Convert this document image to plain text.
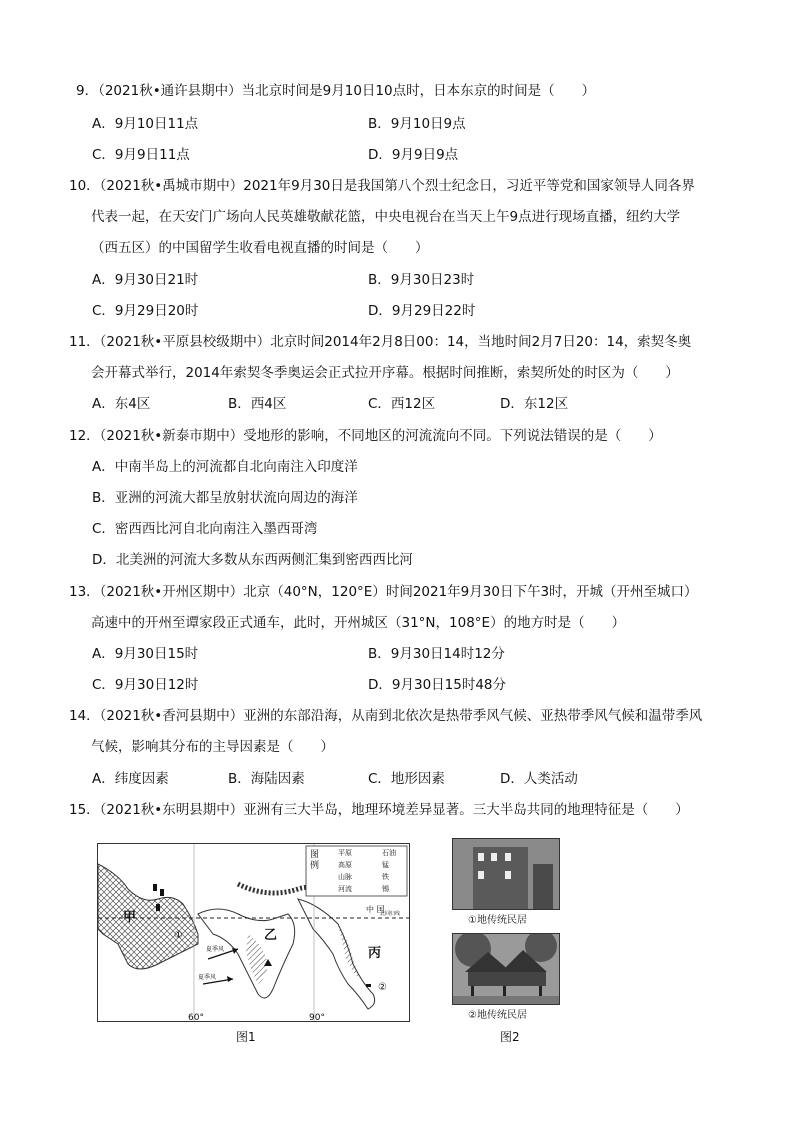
9．（2021秋•通许县期中）当北京时间是9月10日10点时，日本东京的时间是（　　）
A．9月10日11点	B．9月10日9点
C．9月9日11点	D．9月9日9点
10．（2021秋•禹城市期中）2021年9月30日是我国第八个烈士纪念日，习近平等党和国家领导人同各界
代表一起，在天安门广场向人民英雄敬献花篮，中央电视台在当天上午9点进行现场直播，纽约大学
（西五区）的中国留学生收看电视直播的时间是（　　）
A．9月30日21时	B．9月30日23时
C．9月29日20时	D．9月29日22时
11．（2021秋•平原县校级期中）北京时间2014年2月8日00：14，当地时间2月7日20：14，索契冬奥
会开幕式举行，2014年索契冬季奥运会正式拉开序幕。根据时间推断，索契所处的时区为（　　）
A．东4区	B．西4区	C．西12区	D．东12区
12．（2021秋•新泰市期中）受地形的影响，不同地区的河流流向不同。下列说法错误的是（　　）
A．中南半岛上的河流都自北向南注入印度洋
B．亚洲的河流大都呈放射状流向周边的海洋
C．密西西比河自北向南注入墨西哥湾
D．北美洲的河流大多数从东西两侧汇集到密西西比河
13．（2021秋•开州区期中）北京（40°N，120°E）时间2021年9月30日下午3时，开城（开州至城口）
高速中的开州至谭家段正式通车，此时，开州城区（31°N，108°E）的地方时是（　　）
A．9月30日15时	B．9月30日14时12分
C．9月30日12时	D．9月30日15时48分
14．（2021秋•香河县期中）亚洲的东部沿海，从南到北依次是热带季风气候、亚热带季风气候和温带季风
气候，影响其分布的主导因素是（　　）
A．纬度因素	B．海陆因素	C．地形因素	D．人类活动
15．（2021秋•东明县期中）亚洲有三大半岛，地理环境差异显著。三大半岛共同的地理特征是（　　）
图例
平原
高原
山脉
河流
石油
锰
铁
锡
甲
乙
丙
中 国
①
②
夏季风
夏季风
北回归线
60°	90°
图1
①地传统民居
②地传统民居
图2
